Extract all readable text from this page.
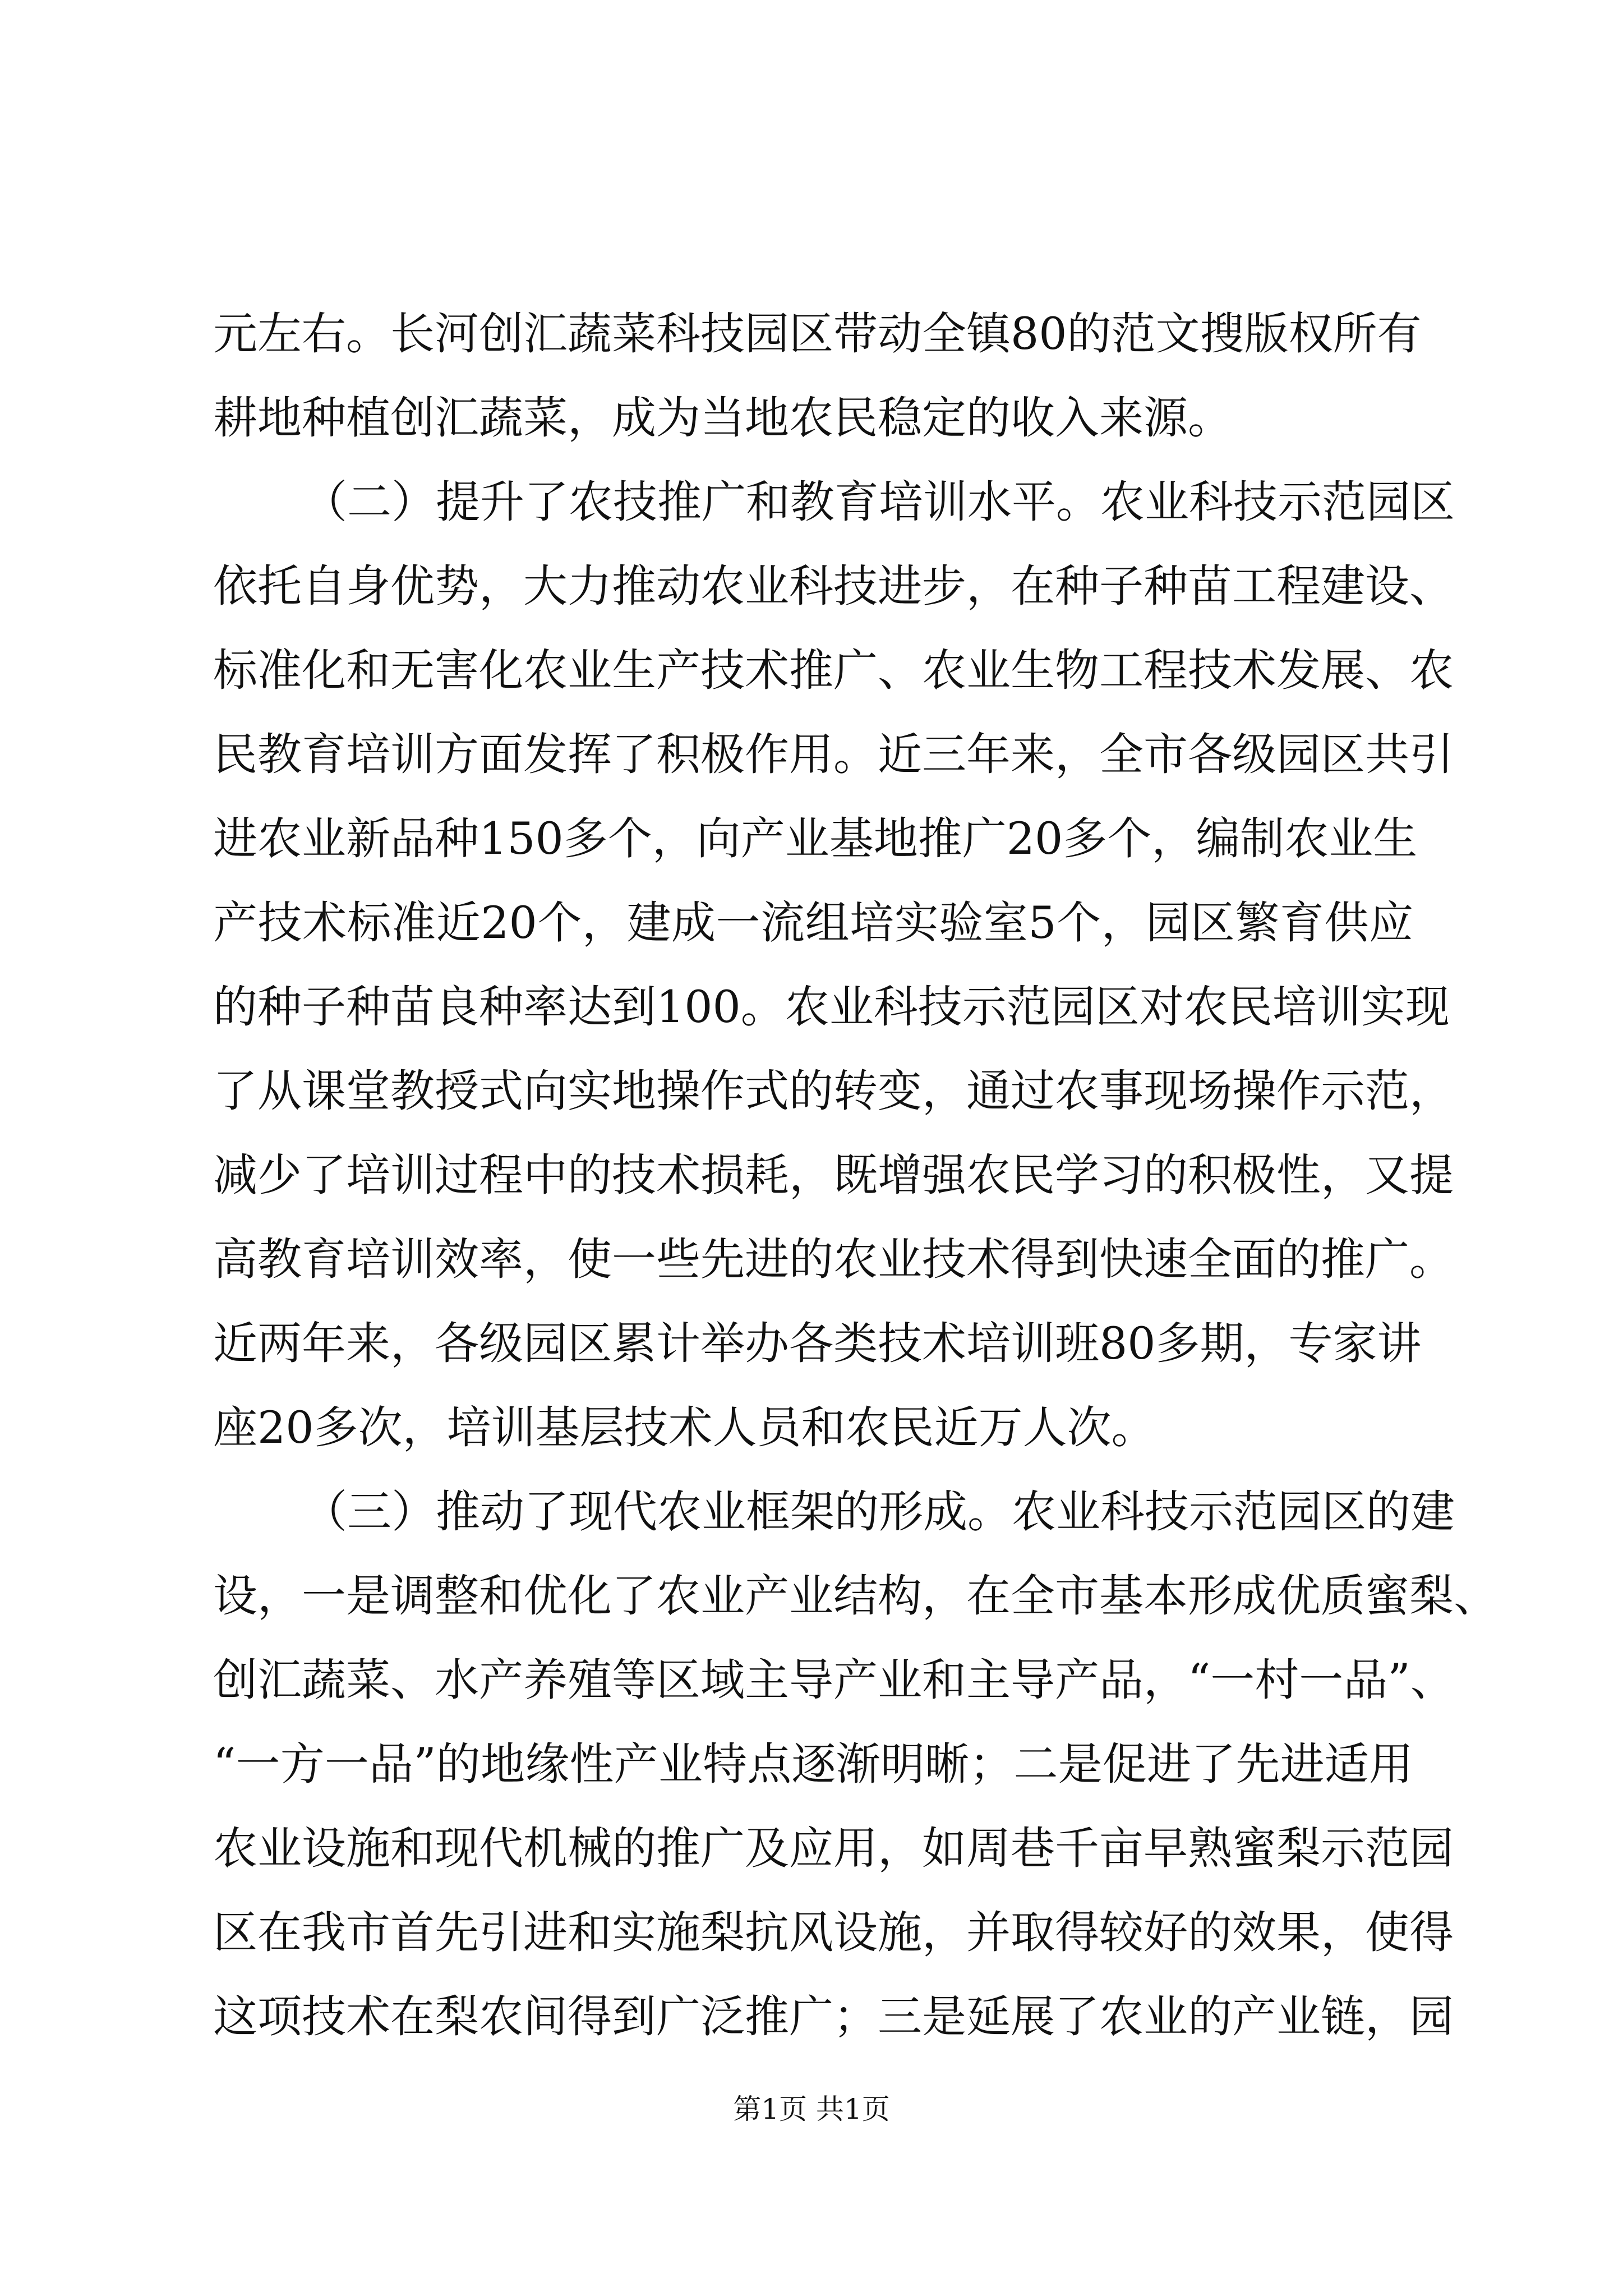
元左右。长河创汇蔬菜科技园区带动全镇80的范文搜版权所有
耕地种植创汇蔬菜，成为当地农民稳定的收入来源。
（二）提升了农技推广和教育培训水平。农业科技示范园区
依托自身优势，大力推动农业科技进步，在种子种苗工程建设、
标准化和无害化农业生产技术推广、农业生物工程技术发展、农
民教育培训方面发挥了积极作用。近三年来，全市各级园区共引
进农业新品种150多个，向产业基地推广20多个，编制农业生
产技术标准近20个，建成一流组培实验室5个，园区繁育供应
的种子种苗良种率达到100。农业科技示范园区对农民培训实现
了从课堂教授式向实地操作式的转变，通过农事现场操作示范，
减少了培训过程中的技术损耗，既增强农民学习的积极性，又提
高教育培训效率，使一些先进的农业技术得到快速全面的推广。
近两年来，各级园区累计举办各类技术培训班80多期，专家讲
座20多次，培训基层技术人员和农民近万人次。
（三）推动了现代农业框架的形成。农业科技示范园区的建
设，一是调整和优化了农业产业结构，在全市基本形成优质蜜梨、
创汇蔬菜、水产养殖等区域主导产业和主导产品，“一村一品”、
“一方一品”的地缘性产业特点逐渐明晰；二是促进了先进适用
农业设施和现代机械的推广及应用，如周巷千亩早熟蜜梨示范园
区在我市首先引进和实施梨抗风设施，并取得较好的效果，使得
这项技术在梨农间得到广泛推广；三是延展了农业的产业链，园
第1页 共1页
